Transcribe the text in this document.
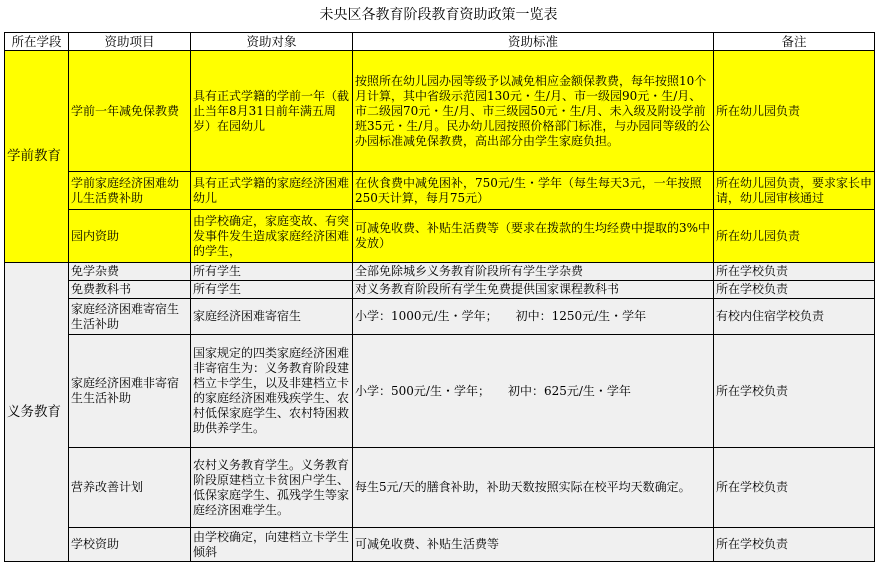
未央区各教育阶段教育资助政策一览表
所在学段	资助项目	资助对象	资助标准	备注
学前教育	学前一年减免保教费	具有正式学籍的学前一年（截止当年8月31日前年满五周岁）在园幼儿	按照所在幼儿园办园等级予以减免相应金额保教费，每年按照10个月计算，其中省级示范园130元・生/月、市一级园90元・生/月、市二级园70元・生/月、市三级园50元・生/月、未入级及附设学前班35元・生/月。民办幼儿园按照价格部门标准，与办园同等级的公办园标准减免保教费，高出部分由学生家庭负担。	所在幼儿园负责
	学前家庭经济困难幼儿生活费补助	具有正式学籍的家庭经济困难幼儿	在伙食费中减免困补，750元/生・学年（每生每天3元，一年按照250天计算，每月75元）	所在幼儿园负责，要求家长申请，幼儿园审核通过
	园内资助	由学校确定，家庭变故、有突发事件发生造成家庭经济困难的学生，	可减免收费、补贴生活费等（要求在拨款的生均经费中提取的3%中发放）	所在幼儿园负责
义务教育	免学杂费	所有学生	全部免除城乡义务教育阶段所有学生学杂费	所在学校负责
	免费教科书	所有学生	对义务教育阶段所有学生免费提供国家课程教科书	所在学校负责
	家庭经济困难寄宿生生活补助	家庭经济困难寄宿生	小学：1000元/生・学年；　　初中：1250元/生・学年	有校内住宿学校负责
	家庭经济困难非寄宿生生活补助	国家规定的四类家庭经济困难非寄宿生为：义务教育阶段建档立卡学生，以及非建档立卡的家庭经济困难残疾学生、农村低保家庭学生、农村特困救助供养学生。	小学：500元/生・学年；　　初中：625元/生・学年	所在学校负责
	营养改善计划	农村义务教育学生。义务教育阶段原建档立卡贫困户学生、低保家庭学生、孤残学生等家庭经济困难学生。	每生5元/天的膳食补助，补助天数按照实际在校平均天数确定。	所在学校负责
	学校资助	由学校确定，向建档立卡学生倾斜	可减免收费、补贴生活费等	所在学校负责
